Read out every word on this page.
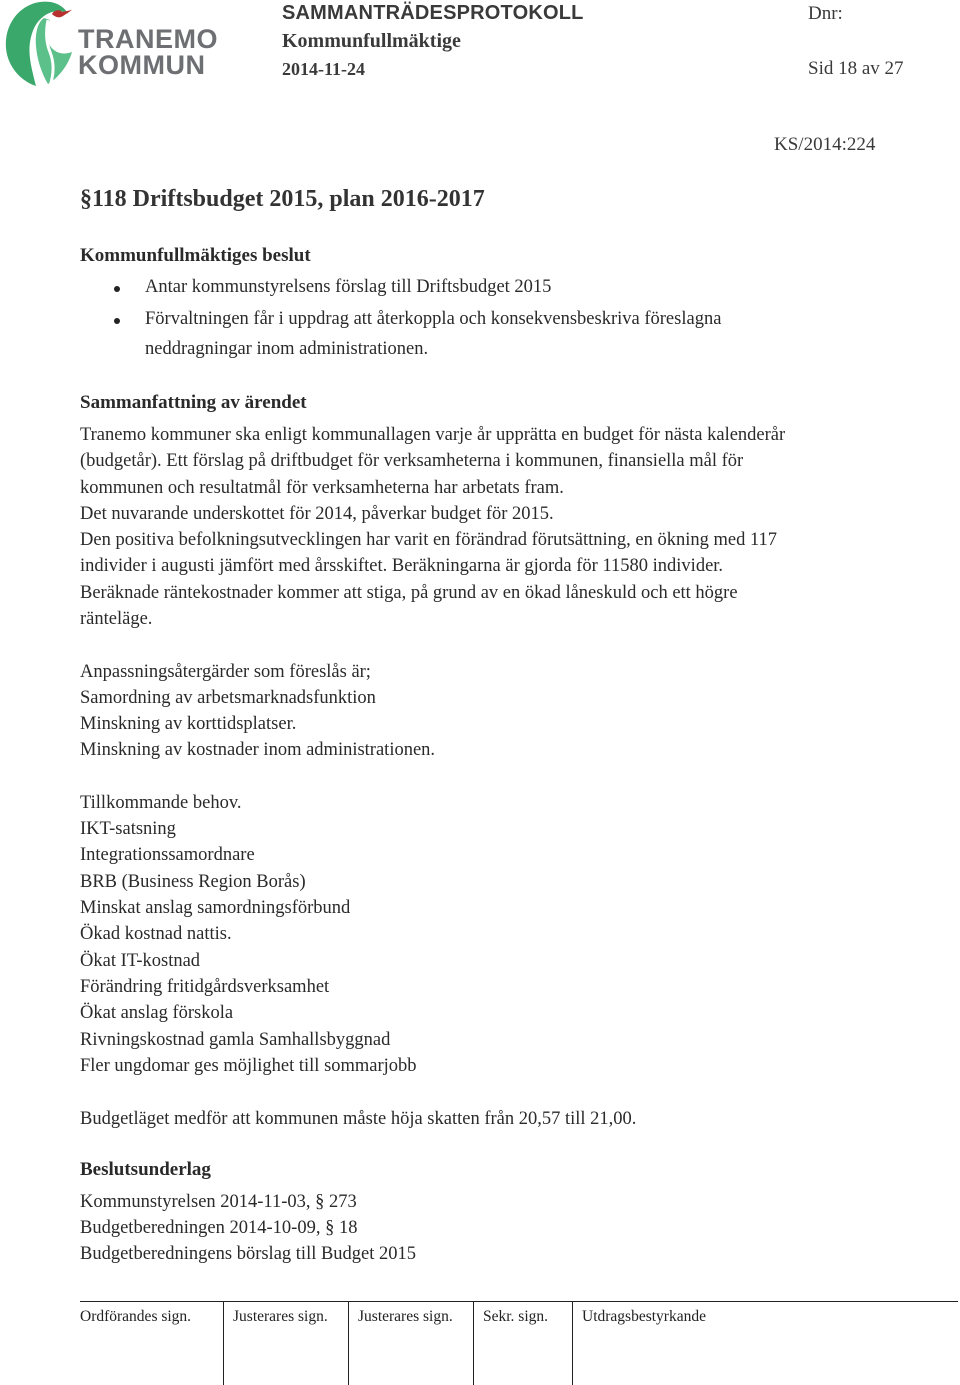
TRANEMO
KOMMUN
SAMMANTRÄDESPROTOKOLL
Kommunfullmäktige
2014-11-24
Dnr:
Sid 18 av 27
KS/2014:224
§118 Driftsbudget 2015, plan 2016-2017
Kommunfullmäktiges beslut
Antar kommunstyrelsens förslag till Driftsbudget 2015
Förvaltningen får i uppdrag att återkoppla och konsekvensbeskriva föreslagna
neddragningar inom administrationen.
Sammanfattning av ärendet
Tranemo kommuner ska enligt kommunallagen varje år upprätta en budget för nästa kalenderår
(budgetår). Ett förslag på driftbudget för verksamheterna i kommunen, finansiella mål för
kommunen och resultatmål för verksamheterna har arbetats fram.
Det nuvarande underskottet för 2014, påverkar budget för 2015.
Den positiva befolkningsutvecklingen har varit en förändrad förutsättning, en ökning med 117
individer i augusti jämfört med årsskiftet. Beräkningarna är gjorda för 11580 individer.
Beräknade räntekostnader kommer att stiga, på grund av en ökad låneskuld och ett högre
ränteläge.
Anpassningsåtergärder som föreslås är;
Samordning av arbetsmarknadsfunktion
Minskning av korttidsplatser.
Minskning av kostnader inom administrationen.
Tillkommande behov.
IKT-satsning
Integrationssamordnare
BRB (Business Region Borås)
Minskat anslag samordningsförbund
Ökad kostnad nattis.
Ökat IT-kostnad
Förändring fritidgårdsverksamhet
Ökat anslag förskola
Rivningskostnad gamla Samhallsbyggnad
Fler ungdomar ges möjlighet till sommarjobb
Budgetläget medför att kommunen måste höja skatten från 20,57 till 21,00.
Beslutsunderlag
Kommunstyrelsen 2014-11-03, § 273
Budgetberedningen 2014-10-09, § 18
Budgetberedningens börslag till Budget 2015
Ordförandes sign.	Justerares sign. Justerares sign. Sekr. sign. Utdragsbestyrkande
